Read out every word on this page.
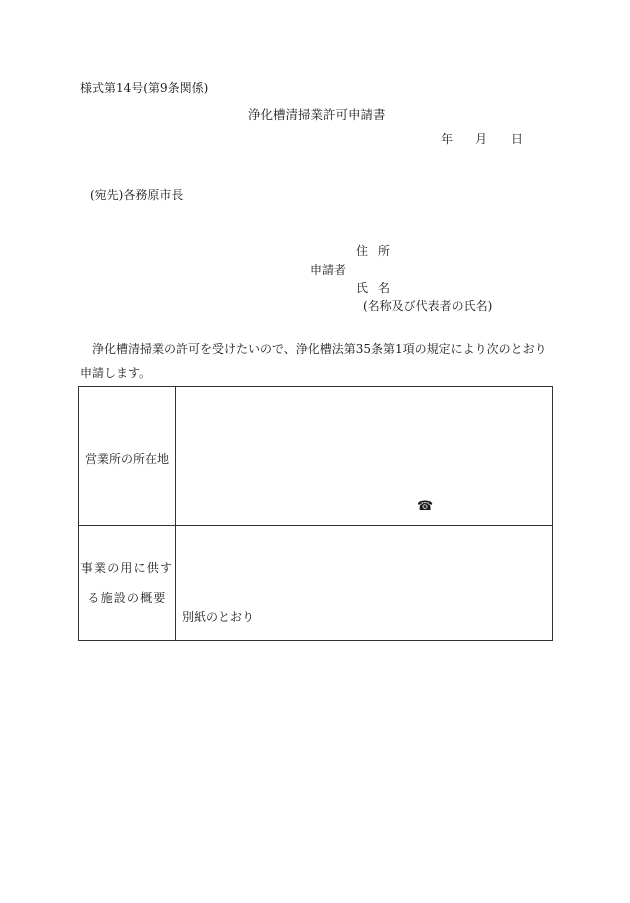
様式第14号(第9条関係)
浄化槽清掃業許可申請書
年 月 日
(宛先)各務原市長
住所
申請者
氏名
(名称及び代表者の氏名)
浄化槽清掃業の許可を受けたいので、浄化槽法第35条第1項の規定により次のとおり申請します。
営業所の所在地	☎

事業の用に供す
る施設の概要	別紙のとおり
